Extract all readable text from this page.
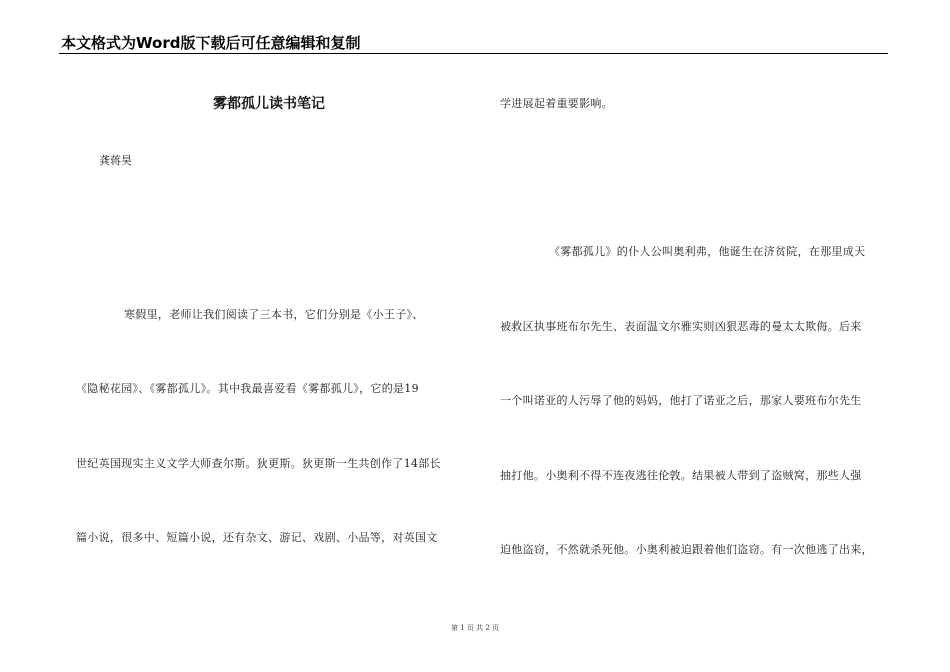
本文格式为Word版下载后可任意编辑和复制
雾都孤儿读书笔记
龚蒋昊
寒假里，老师让我们阅读了三本书，它们分别是《小王子》、
《隐秘花园》、《雾都孤儿》。其中我最喜爱看《雾都孤儿》，它的是19
世纪英国现实主义文学大师查尔斯。狄更斯。狄更斯一生共创作了14部长
篇小说，很多中、短篇小说，还有杂文、游记、戏剧、小品等，对英国文
学进展起着重要影响。
《雾都孤儿》的仆人公叫奥利弗，他诞生在济贫院，在那里成天
被救区执事班布尔先生、表面温文尔雅实则凶狠恶毒的曼太太欺侮。后来
一个叫诺亚的人污辱了他的妈妈，他打了诺亚之后，那家人要班布尔先生
抽打他。小奥利不得不连夜逃往伦敦。结果被人带到了盗贼窝，那些人强
迫他盗窃，不然就杀死他。小奥利被迫跟着他们盗窃。有一次他逃了出来，
第 1 页 共 2 页
